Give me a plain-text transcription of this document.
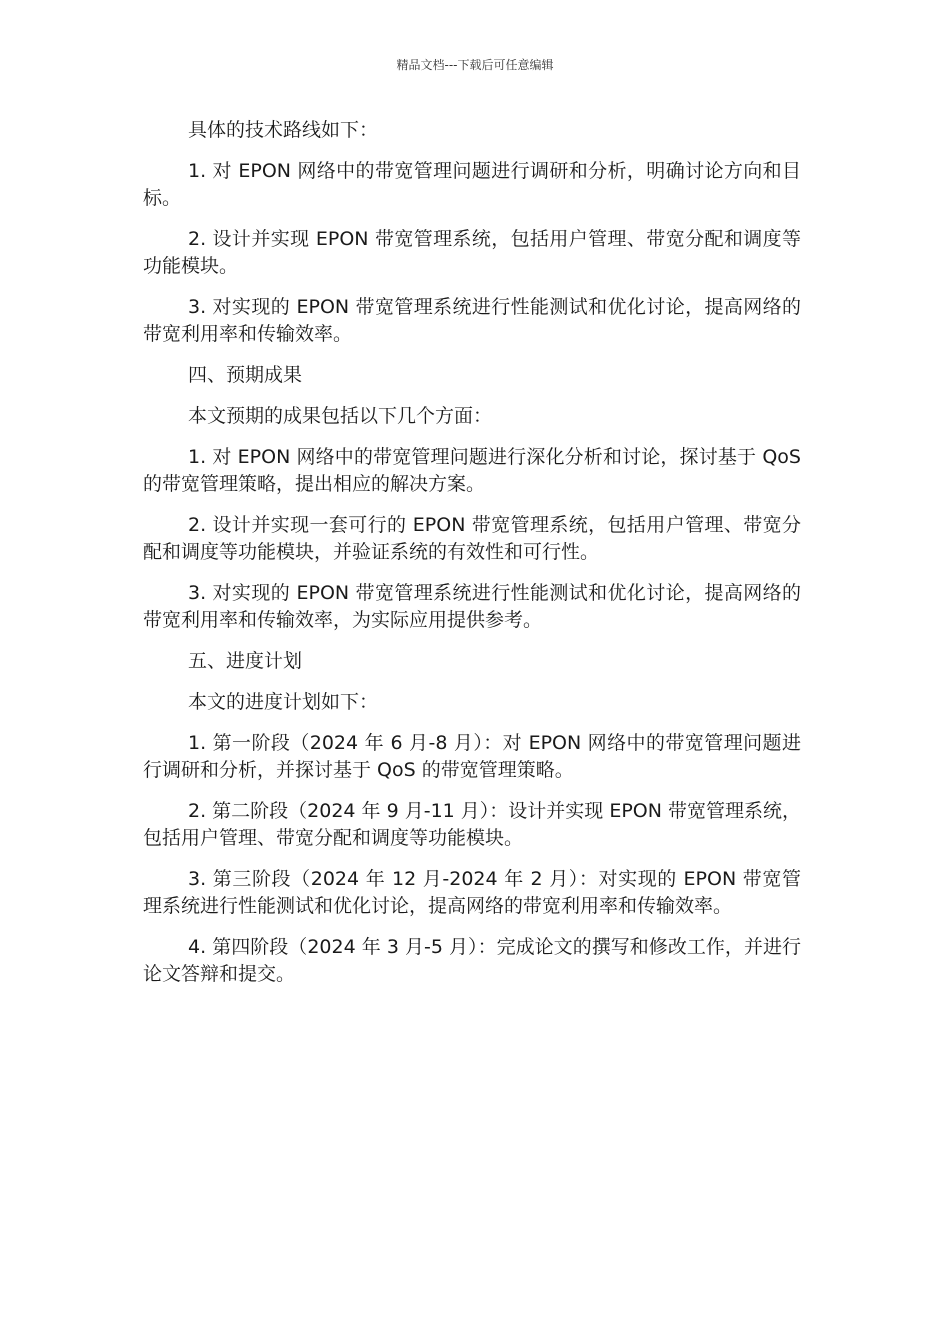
精品文档---下载后可任意编辑

具体的技术路线如下：

1. 对 EPON 网络中的带宽管理问题进行调研和分析，明确讨论方向和目标。

2. 设计并实现 EPON 带宽管理系统，包括用户管理、带宽分配和调度等功能模块。

3. 对实现的 EPON 带宽管理系统进行性能测试和优化讨论，提高网络的带宽利用率和传输效率。

四、预期成果

本文预期的成果包括以下几个方面：

1. 对 EPON 网络中的带宽管理问题进行深化分析和讨论，探讨基于 QoS 的带宽管理策略，提出相应的解决方案。

2. 设计并实现一套可行的 EPON 带宽管理系统，包括用户管理、带宽分配和调度等功能模块，并验证系统的有效性和可行性。

3. 对实现的 EPON 带宽管理系统进行性能测试和优化讨论，提高网络的带宽利用率和传输效率，为实际应用提供参考。

五、进度计划

本文的进度计划如下：

1. 第一阶段（2024 年 6 月-8 月）：对 EPON 网络中的带宽管理问题进行调研和分析，并探讨基于 QoS 的带宽管理策略。

2. 第二阶段（2024 年 9 月-11 月）：设计并实现 EPON 带宽管理系统，包括用户管理、带宽分配和调度等功能模块。

3. 第三阶段（2024 年 12 月-2024 年 2 月）：对实现的 EPON 带宽管理系统进行性能测试和优化讨论，提高网络的带宽利用率和传输效率。

4. 第四阶段（2024 年 3 月-5 月）：完成论文的撰写和修改工作，并进行论文答辩和提交。
